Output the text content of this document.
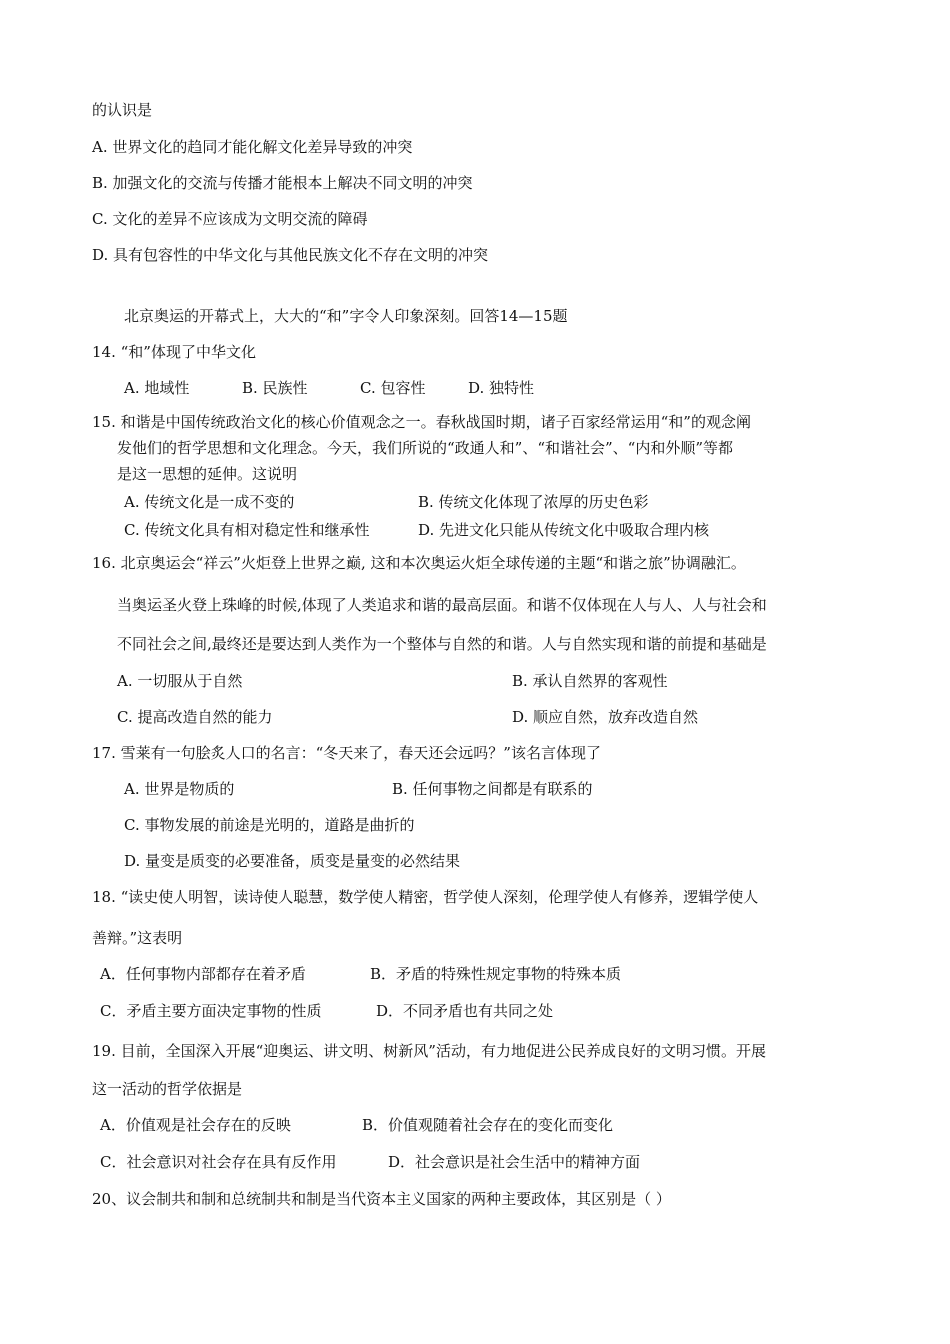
的认识是
A. 世界文化的趋同才能化解文化差异导致的冲突
B. 加强文化的交流与传播才能根本上解决不同文明的冲突
C. 文化的差异不应该成为文明交流的障碍
D. 具有包容性的中华文化与其他民族文化不存在文明的冲突
北京奥运的开幕式上，大大的“和”字令人印象深刻。回答14—15题
14. “和”体现了中华文化
A. 地域性	B. 民族性	C. 包容性	D. 独特性
15. 和谐是中国传统政治文化的核心价值观念之一。春秋战国时期，诸子百家经常运用“和”的观念阐
发他们的哲学思想和文化理念。今天，我们所说的“政通人和”、“和谐社会”、“内和外顺”等都
是这一思想的延伸。这说明
A. 传统文化是一成不变的	B. 传统文化体现了浓厚的历史色彩
C. 传统文化具有相对稳定性和继承性	D. 先进文化只能从传统文化中吸取合理内核
16. 北京奥运会“祥云”火炬登上世界之巅, 这和本次奥运火炬全球传递的主题“和谐之旅”协调融汇。
当奥运圣火登上珠峰的时候,体现了人类追求和谐的最高层面。和谐不仅体现在人与人、人与社会和
不同社会之间,最终还是要达到人类作为一个整体与自然的和谐。人与自然实现和谐的前提和基础是
A. 一切服从于自然	B. 承认自然界的客观性
C. 提高改造自然的能力	D. 顺应自然，放弃改造自然
17. 雪莱有一句脍炙人口的名言：“冬天来了，春天还会远吗？”该名言体现了
A. 世界是物质的	B. 任何事物之间都是有联系的
C. 事物发展的前途是光明的，道路是曲折的
D. 量变是质变的必要准备，质变是量变的必然结果
18. “读史使人明智，读诗使人聪慧，数学使人精密，哲学使人深刻，伦理学使人有修养，逻辑学使人
善辩。”这表明
A．任何事物内部都存在着矛盾	B．矛盾的特殊性规定事物的特殊本质
C．矛盾主要方面决定事物的性质	D．不同矛盾也有共同之处
19. 目前，全国深入开展“迎奥运、讲文明、树新风”活动，有力地促进公民养成良好的文明习惯。开展
这一活动的哲学依据是
A．价值观是社会存在的反映	B．价值观随着社会存在的变化而变化
C．社会意识对社会存在具有反作用	D．社会意识是社会生活中的精神方面
20、议会制共和制和总统制共和制是当代资本主义国家的两种主要政体，其区别是（ ）
